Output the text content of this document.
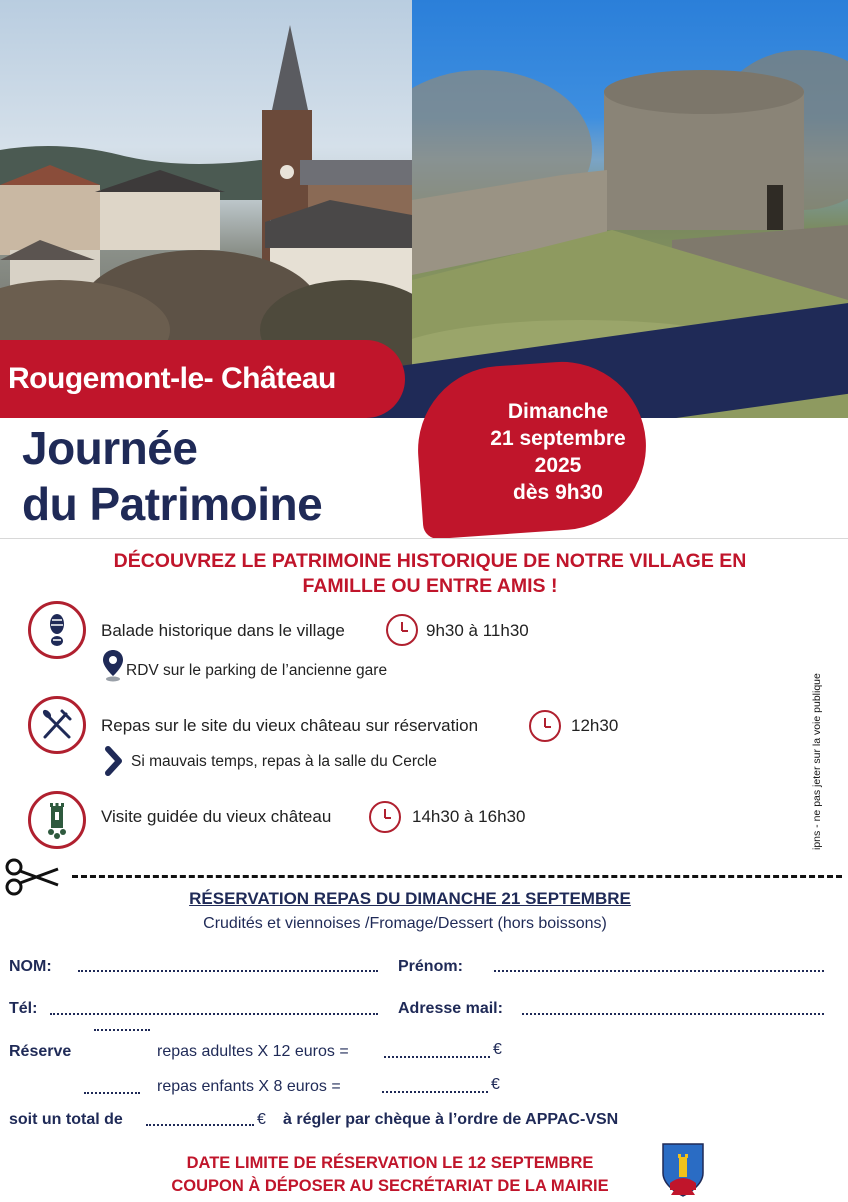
Rougemont-le- Château
Journée
du Patrimoine
Dimanche
21 septembre
2025
dès 9h30
DÉCOUVREZ LE PATRIMOINE HISTORIQUE DE NOTRE VILLAGE EN
FAMILLE OU ENTRE AMIS !
Balade historique dans le village	9h30 à 11h30
RDV sur le parking de l’ancienne gare
Repas sur le site du vieux château sur réservation	12h30
Si mauvais temps, repas à la salle du Cercle
Visite guidée du vieux château	14h30 à 16h30	ipns - ne pas jeter sur la voie publique
RÉSERVATION REPAS DU DIMANCHE 21 SEPTEMBRE
Crudités et viennoises /Fromage/Dessert (hors boissons)
NOM:	Prénom:
Tél:	Adresse mail:
Réserve	repas adultes X 12 euros =	€
repas enfants X 8 euros =	€
soit un total de	€ à régler par chèque à l’ordre de APPAC-VSN
DATE LIMITE DE RÉSERVATION LE 12 SEPTEMBRE
COUPON À DÉPOSER AU SECRÉTARIAT DE LA MAIRIE
